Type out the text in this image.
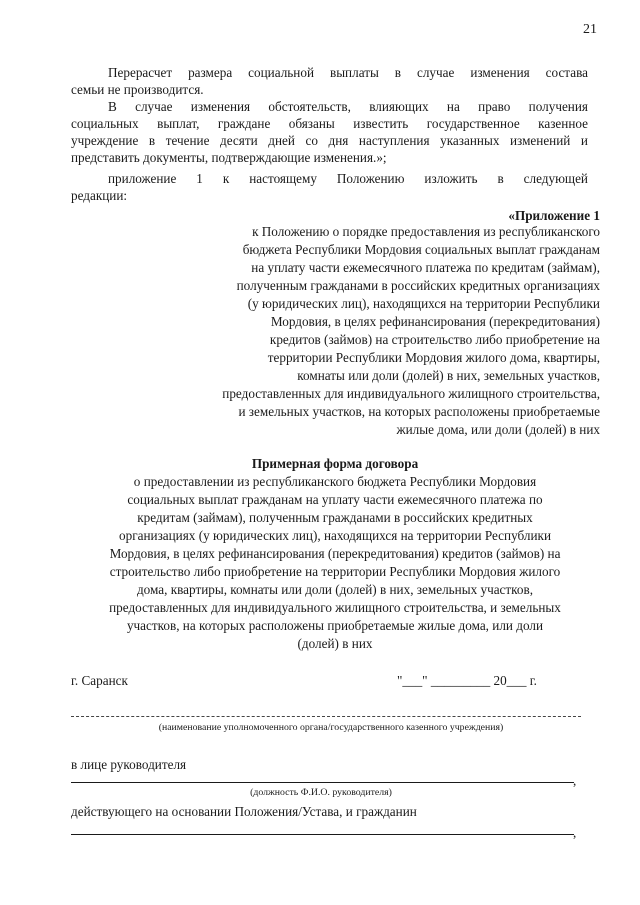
21
Перерасчет размера социальной выплаты в случае изменения состава
семьи не производится.
В случае изменения обстоятельств, влияющих на право получения
социальных выплат, граждане обязаны известить государственное казенное
учреждение в течение десяти дней со дня наступления указанных изменений и
представить документы, подтверждающие изменения.»;
приложение 1 к настоящему Положению изложить в следующей
редакции:
«Приложение 1
к Положению о порядке предоставления из республиканского
бюджета Республики Мордовия социальных выплат гражданам
на уплату части ежемесячного платежа по кредитам (займам),
полученным гражданами в российских кредитных организациях
(у юридических лиц), находящихся на территории Республики
Мордовия, в целях рефинансирования (перекредитования)
кредитов (займов) на строительство либо приобретение на
территории Республики Мордовия жилого дома, квартиры,
комнаты или доли (долей) в них, земельных участков,
предоставленных для индивидуального жилищного строительства,
и земельных участков, на которых расположены приобретаемые
жилые дома, или доли (долей) в них
Примерная форма договора
о предоставлении из республиканского бюджета Республики Мордовия
социальных выплат гражданам на уплату части ежемесячного платежа по
кредитам (займам), полученным гражданами в российских кредитных
организациях (у юридических лиц), находящихся на территории Республики
Мордовия, в целях рефинансирования (перекредитования) кредитов (займов) на
строительство либо приобретение на территории Республики Мордовия жилого
дома, квартиры, комнаты или доли (долей) в них, земельных участков,
предоставленных для индивидуального жилищного строительства, и земельных
участков, на которых расположены приобретаемые жилые дома, или доли
(долей) в них
г. Саранск	"___" _________ 20___ г.
(наименование уполномоченного органа/государственного казенного учреждения)
в лице руководителя
,
(должность Ф.И.О. руководителя)
действующего на основании Положения/Устава, и гражданин
,
